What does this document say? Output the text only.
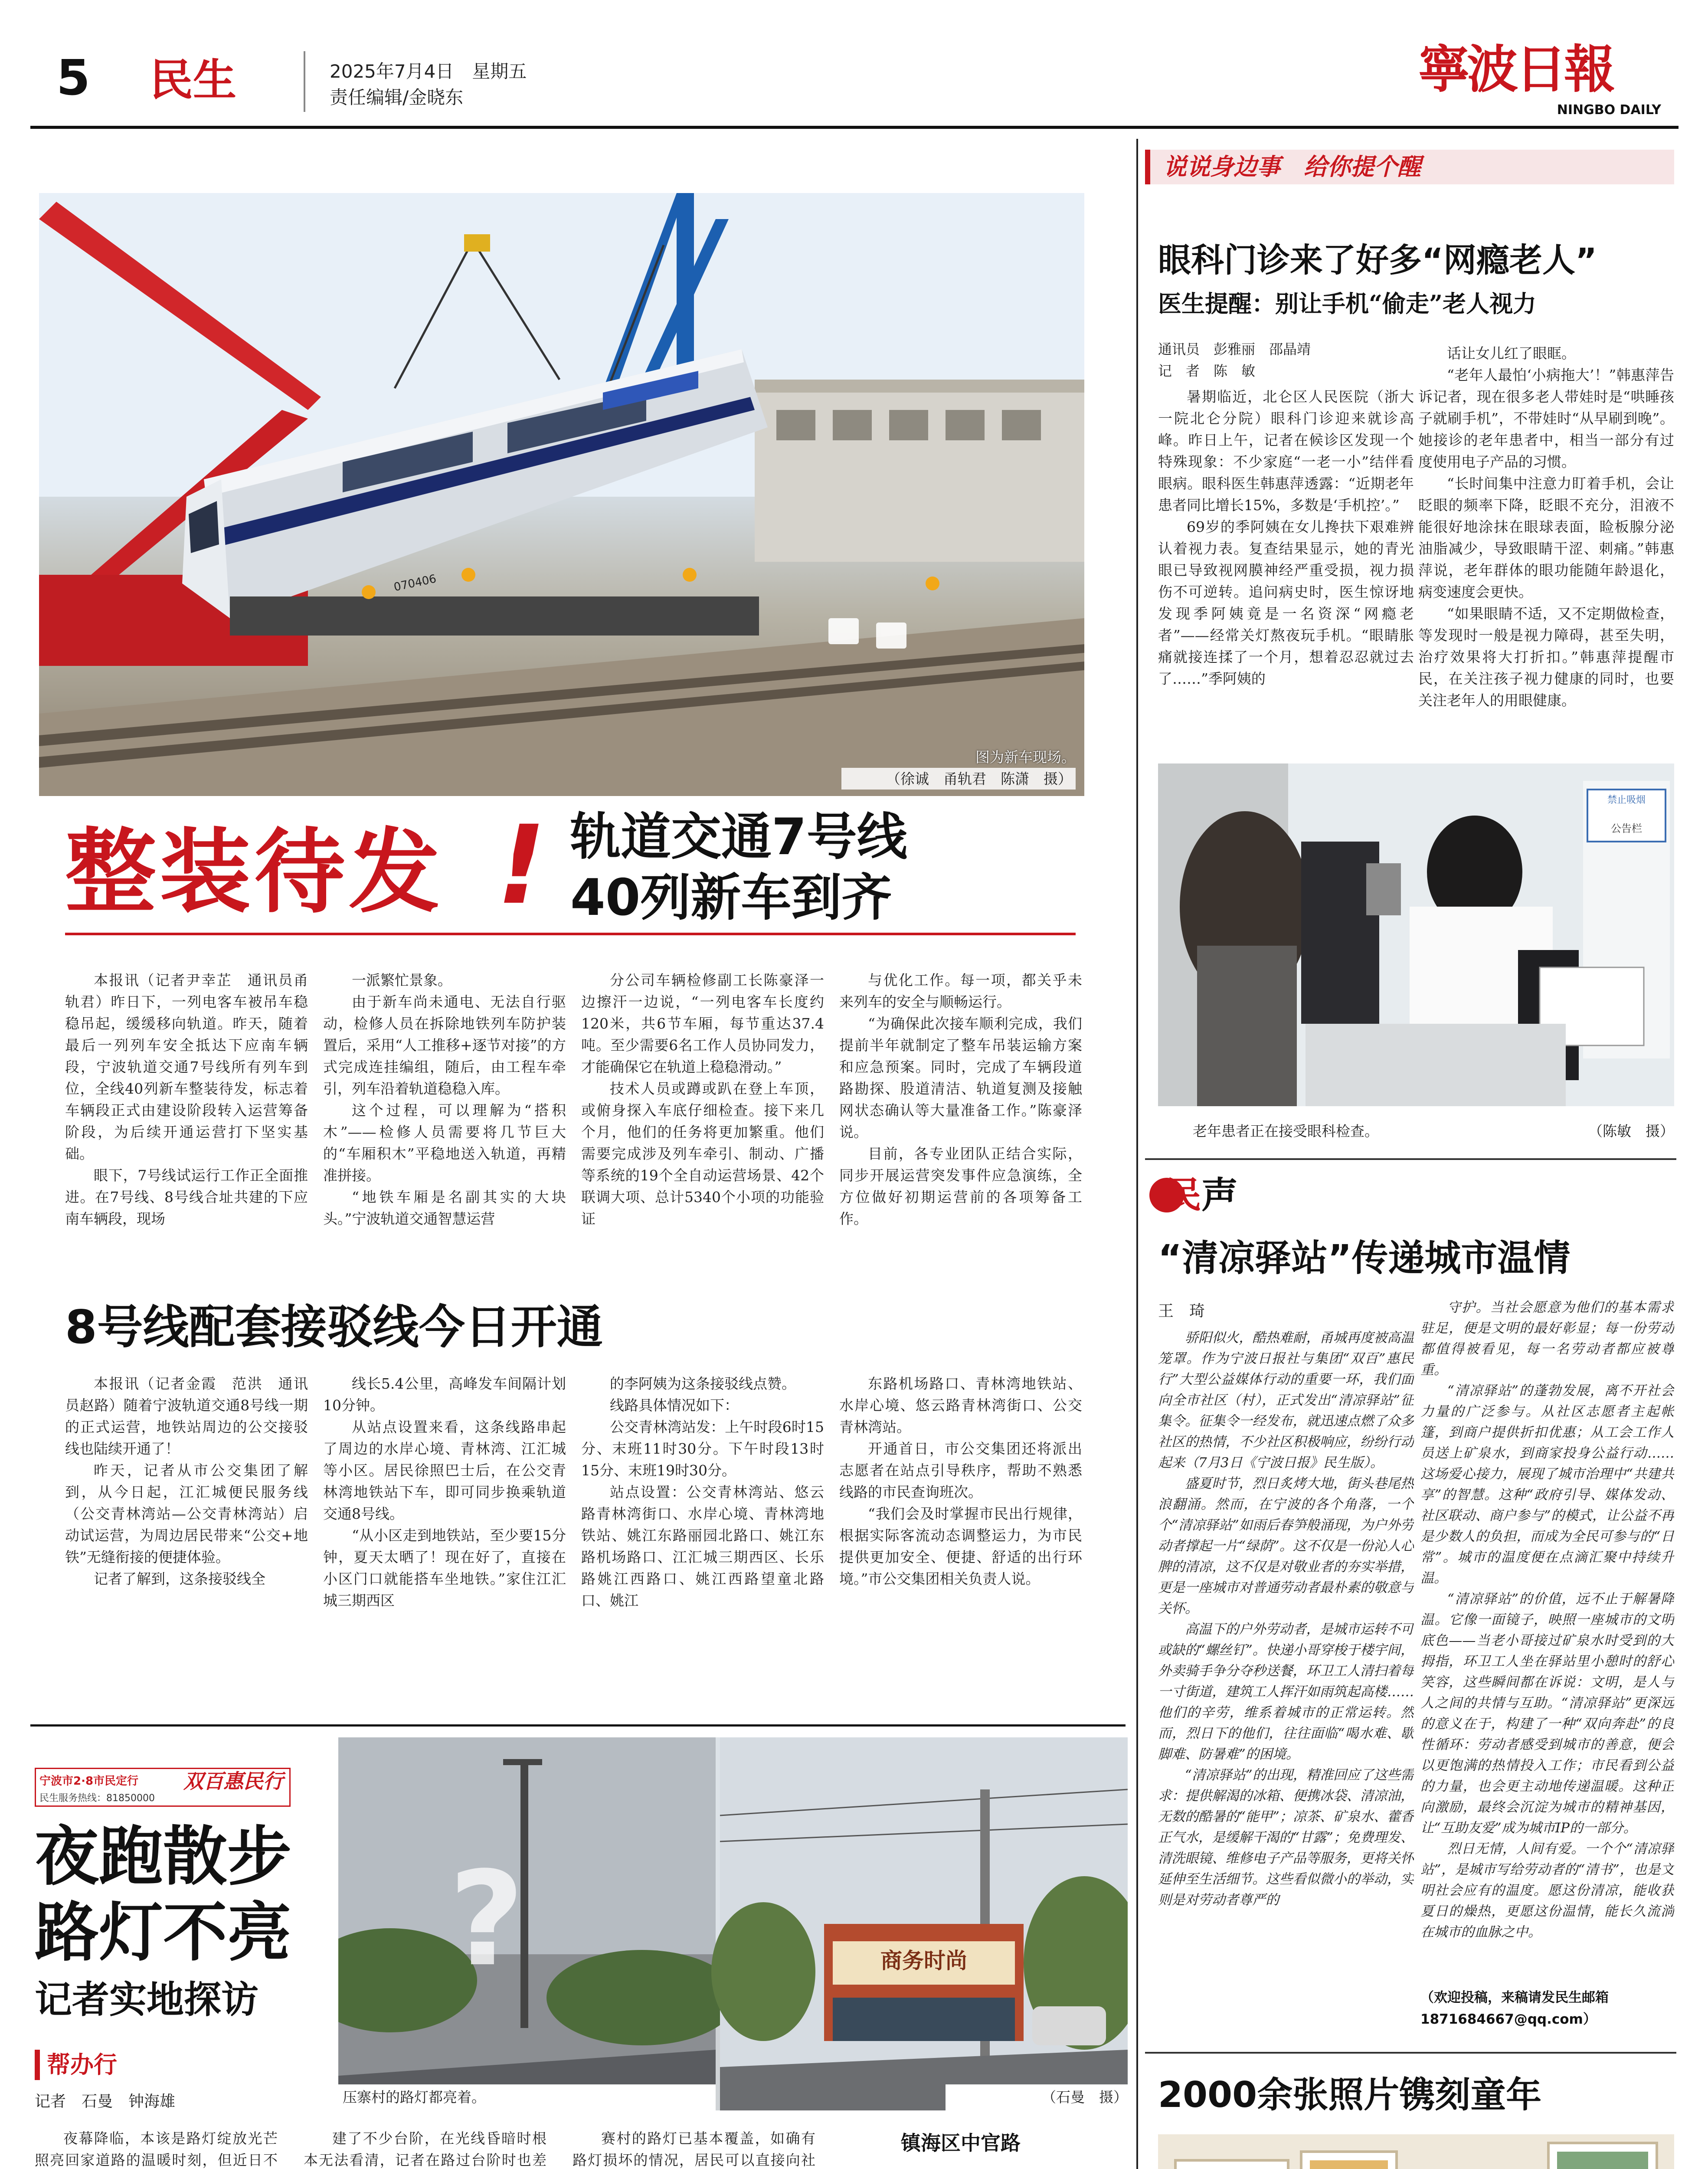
5	民生	2025年7月4日　星期五
责任编辑/金晓东	寧波日報
NINGBO DAILY
070406
图为新车现场。
（徐诚　甬轨君　陈潇　摄）
整装待发 ! 轨道交通7号线
40列新车到齐
本报讯（记者尹幸芷　通讯员甬轨君）昨日下，一列电客车被吊车稳稳吊起，缓缓移向轨道。昨天，随着最后一列列车安全抵达下应南车辆段，宁波轨道交通7号线所有列车到位，全线40列新车整装待发，标志着车辆段正式由建设阶段转入运营筹备阶段，为后续开通运营打下坚实基础。
眼下，7号线试运行工作正全面推进。在7号线、8号线合址共建的下应南车辆段，现场
一派繁忙景象。
由于新车尚未通电、无法自行驱动，检修人员在拆除地铁列车防护装置后，采用“人工推移+逐节对接”的方式完成连挂编组，随后，由工程车牵引，列车沿着轨道稳稳入库。
这个过程，可以理解为“搭积木”——检修人员需要将几节巨大的“车厢积木”平稳地送入轨道，再精准拼接。
“地铁车厢是名副其实的大块头。”宁波轨道交通智慧运营
分公司车辆检修副工长陈豪泽一边擦汗一边说，“一列电客车长度约120米，共6节车厢，每节重达37.4吨。至少需要6名工作人员协同发力，才能确保它在轨道上稳稳滑动。”
技术人员或蹲或趴在登上车顶，或俯身探入车底仔细检查。接下来几个月，他们的任务将更加繁重。他们需要完成涉及列车牵引、制动、广播等系统的19个全自动运营场景、42个联调大项、总计5340个小项的功能验证
与优化工作。每一项，都关乎未来列车的安全与顺畅运行。
“为确保此次接车顺利完成，我们提前半年就制定了整车吊装运输方案和应急预案。同时，完成了车辆段道路勘探、股道清洁、轨道复测及接触网状态确认等大量准备工作。”陈豪泽说。
目前，各专业团队正结合实际，同步开展运营突发事件应急演练，全方位做好初期运营前的各项筹备工作。
8号线配套接驳线今日开通
本报讯（记者金霞　范洪　通讯员赵路）随着宁波轨道交通8号线一期的正式运营，地铁站周边的公交接驳线也陆续开通了！
昨天，记者从市公交集团了解到，从今日起，江汇城便民服务线（公交青林湾站—公交青林湾站）启动试运营，为周边居民带来“公交+地铁”无缝衔接的便捷体验。
记者了解到，这条接驳线全
线长5.4公里，高峰发车间隔计划10分钟。
从站点设置来看，这条线路串起了周边的水岸心境、青林湾、江汇城等小区。居民徐照巴士后，在公交青林湾地铁站下车，即可同步换乘轨道交通8号线。
“从小区走到地铁站，至少要15分钟，夏天太晒了！现在好了，直接在小区门口就能搭车坐地铁。”家住江汇城三期西区
的李阿姨为这条接驳线点赞。
线路具体情况如下：
公交青林湾站发：上午时段6时15分、末班11时30分。下午时段13时15分、末班19时30分。
站点设置：公交青林湾站、悠云路青林湾街口、水岸心境、青林湾地铁站、姚江东路丽园北路口、姚江东路机场路口、江汇城三期西区、长乐路姚江西路口、姚江西路望童北路口、姚江
东路机场路口、青林湾地铁站、水岸心境、悠云路青林湾街口、公交青林湾站。
开通首日，市公交集团还将派出志愿者在站点引导秩序，帮助不熟悉线路的市民查询班次。
“我们会及时掌握市民出行规律，根据实际客流动态调整运力，为市民提供更加安全、便捷、舒适的出行环境。”市公交集团相关负责人说。
宁波市2·8市民定行	双百惠民行
民生服务热线：81850000
夜跑散步
路灯不亮
记者实地探访
帮办行
记者　石曼　钟海雄
?	商务时尚
压寨村的路灯都亮着。	（石曼　摄）
夜幕降临，本该是路灯绽放光芒照亮回家道路的温暖时刻，但近日不
建了不少台阶，在光线昏暗时根本无法看清，记者在路过台阶时也差
赛村的路灯已基本覆盖，如确有路灯损坏的情况，居民可以直接向社
镇海区中官路
说说身边事　给你提个醒
眼科门诊来了好多“网瘾老人”
医生提醒：别让手机“偷走”老人视力
通讯员　彭雅丽　邵晶靖
记　者　陈　敏
暑期临近，北仑区人民医院（浙大一院北仑分院）眼科门诊迎来就诊高峰。昨日上午，记者在候诊区发现一个特殊现象：不少家庭“一老一小”结伴看眼病。眼科医生韩惠萍透露：“近期老年患者同比增长15%，多数是‘手机控’。”
69岁的季阿姨在女儿搀扶下艰难辨认着视力表。复查结果显示，她的青光眼已导致视网膜神经严重受损，视力损伤不可逆转。追问病史时，医生惊讶地发现季阿姨竟是一名资深“网瘾老者”——经常关灯熬夜玩手机。“眼睛胀痛就接连揉了一个月，想着忍忍就过去了……”季阿姨的
话让女儿红了眼眶。
“老年人最怕‘小病拖大’！”韩惠萍告诉记者，现在很多老人带娃时是“哄睡孩子就刷手机”，不带娃时“从早刷到晚”。她接诊的老年患者中，相当一部分有过度使用电子产品的习惯。
“长时间集中注意力盯着手机，会让眨眼的频率下降，眨眼不充分，泪液不能很好地涂抹在眼球表面，睑板腺分泌油脂减少，导致眼睛干涩、刺痛。”韩惠萍说，老年群体的眼功能随年龄退化，病变速度会更快。
“如果眼睛不适，又不定期做检查，等发现时一般是视力障碍，甚至失明，治疗效果将大打折扣。”韩惠萍提醒市民，在关注孩子视力健康的同时，也要关注老年人的用眼健康。
禁止吸烟
公告栏
老年患者正在接受眼科检查。	（陈敏　摄）
民 声
“清凉驿站”传递城市温情
王　琦
骄阳似火，酷热难耐，甬城再度被高温笼罩。作为宁波日报社与集团“双百”惠民行”大型公益媒体行动的重要一环，我们面向全市社区（村），正式发出“清凉驿站”征集令。征集令一经发布，就迅速点燃了众多社区的热情，不少社区积极响应，纷纷行动起来（7月3日《宁波日报》民生版）。
盛夏时节，烈日炙烤大地，街头巷尾热浪翻涌。然而，在宁波的各个角落，一个个“清凉驿站”如雨后春笋般涌现，为户外劳动者撑起一片“绿荫”。这不仅是一份沁人心脾的清凉，这不仅是对敬业者的夯实举措，更是一座城市对普通劳动者最朴素的敬意与关怀。
高温下的户外劳动者，是城市运转不可或缺的“螺丝钉”。快递小哥穿梭于楼宇间，外卖骑手争分夺秒送餐，环卫工人清扫着每一寸街道，建筑工人挥汗如雨筑起高楼……他们的辛劳，维系着城市的正常运转。然而，烈日下的他们，往往面临“喝水难、歇脚难、防暑难”的困境。
“清凉驿站”的出现，精准回应了这些需求：提供解渴的冰箱、便携冰袋、清凉油，无数的酷暑的“能甲”；凉茶、矿泉水、藿香正气水，是缓解干渴的“甘露”；免费理发、清洗眼镜、维修电子产品等服务，更将关怀延伸至生活细节。这些看似微小的举动，实则是对劳动者尊严的
守护。当社会愿意为他们的基本需求驻足，便是文明的最好彰显；每一份劳动都值得被看见，每一名劳动者都应被尊重。
“清凉驿站”的蓬勃发展，离不开社会力量的广泛参与。从社区志愿者主起帐篷，到商户提供折扣优惠；从工会工作人员送上矿泉水，到商家投身公益行动……这场爱心接力，展现了城市治理中“共建共享”的智慧。这种“政府引导、媒体发动、社区联动、商户参与”的模式，让公益不再是少数人的负担，而成为全民可参与的“日常”。城市的温度便在点滴汇聚中持续升温。
“清凉驿站”的价值，远不止于解暑降温。它像一面镜子，映照一座城市的文明底色——当老小哥接过矿泉水时受到的大拇指，环卫工人坐在驿站里小憩时的舒心笑容，这些瞬间都在诉说：文明，是人与人之间的共情与互助。“清凉驿站”更深远的意义在于，构建了一种“双向奔赴”的良性循环：劳动者感受到城市的善意，便会以更饱满的热情投入工作；市民看到公益的力量，也会更主动地传递温暖。这种正向激励，最终会沉淀为城市的精神基因，让“互助友爱”成为城市IP的一部分。
烈日无情，人间有爱。一个个“清凉驿站”，是城市写给劳动者的“清书”，也是文明社会应有的温度。愿这份清凉，能收获夏日的燥热，更愿这份温情，能长久流淌在城市的血脉之中。
（欢迎投稿，来稿请发民生邮箱1871684667@qq.com）
2000余张照片镌刻童年
